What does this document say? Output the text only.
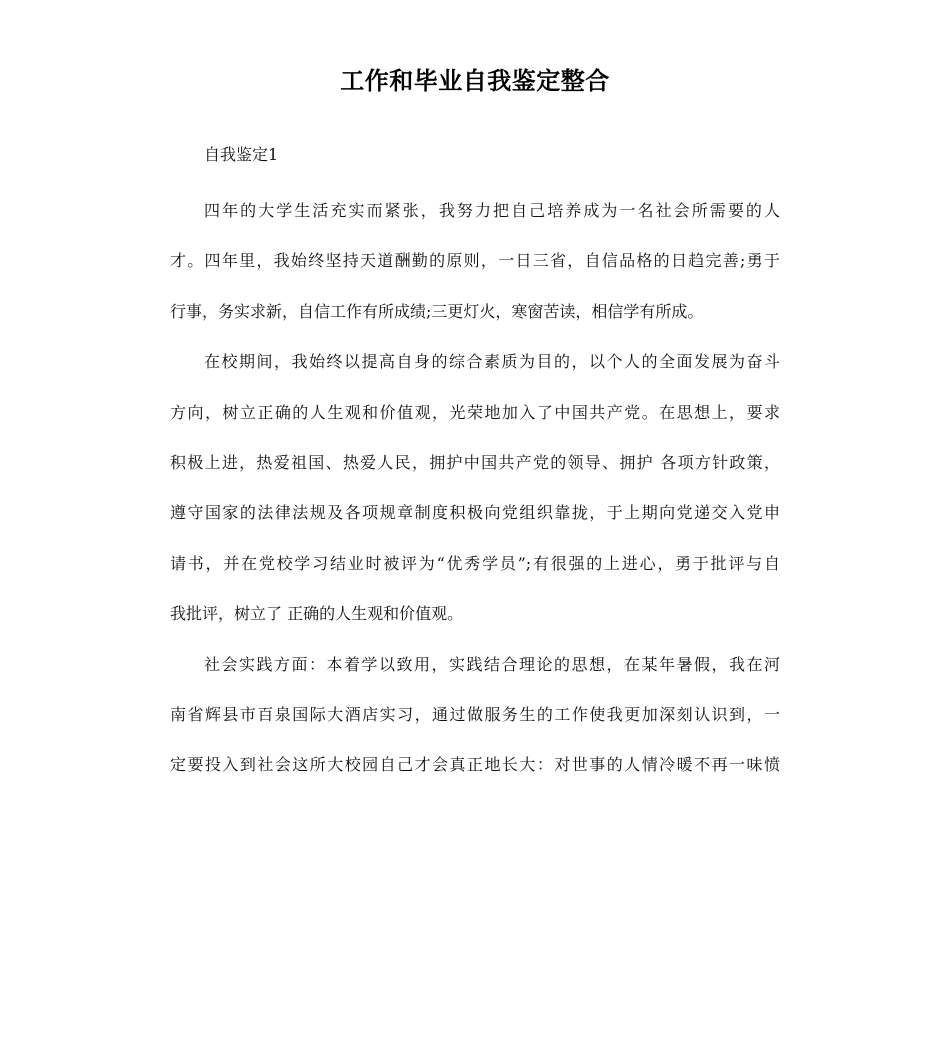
工作和毕业自我鉴定整合

自我鉴定1

四年的大学生活充实而紧张，我努力把自己培养成为一名社会所需要的人
才。四年里，我始终坚持天道酬勤的原则，一日三省，自信品格的日趋完善;勇于
行事，务实求新，自信工作有所成绩;三更灯火，寒窗苦读，相信学有所成。

在校期间，我始终以提高自身的综合素质为目的，以个人的全面发展为奋斗
方向，树立正确的人生观和价值观，光荣地加入了中国共产党。在思想上，要求
积极上进，热爱祖国、热爱人民，拥护中国共产党的领导、拥护 各项方针政策，
遵守国家的法律法规及各项规章制度积极向党组织靠拢，于上期向党递交入党申
请书，并在党校学习结业时被评为“优秀学员”;有很强的上进心，勇于批评与自
我批评，树立了 正确的人生观和价值观。

社会实践方面：本着学以致用，实践结合理论的思想，在某年暑假，我在河
南省辉县市百泉国际大酒店实习，通过做服务生的工作使我更加深刻认识到，一
定要投入到社会这所大校园自己才会真正地长大：对世事的人情冷暖不再一味愤
